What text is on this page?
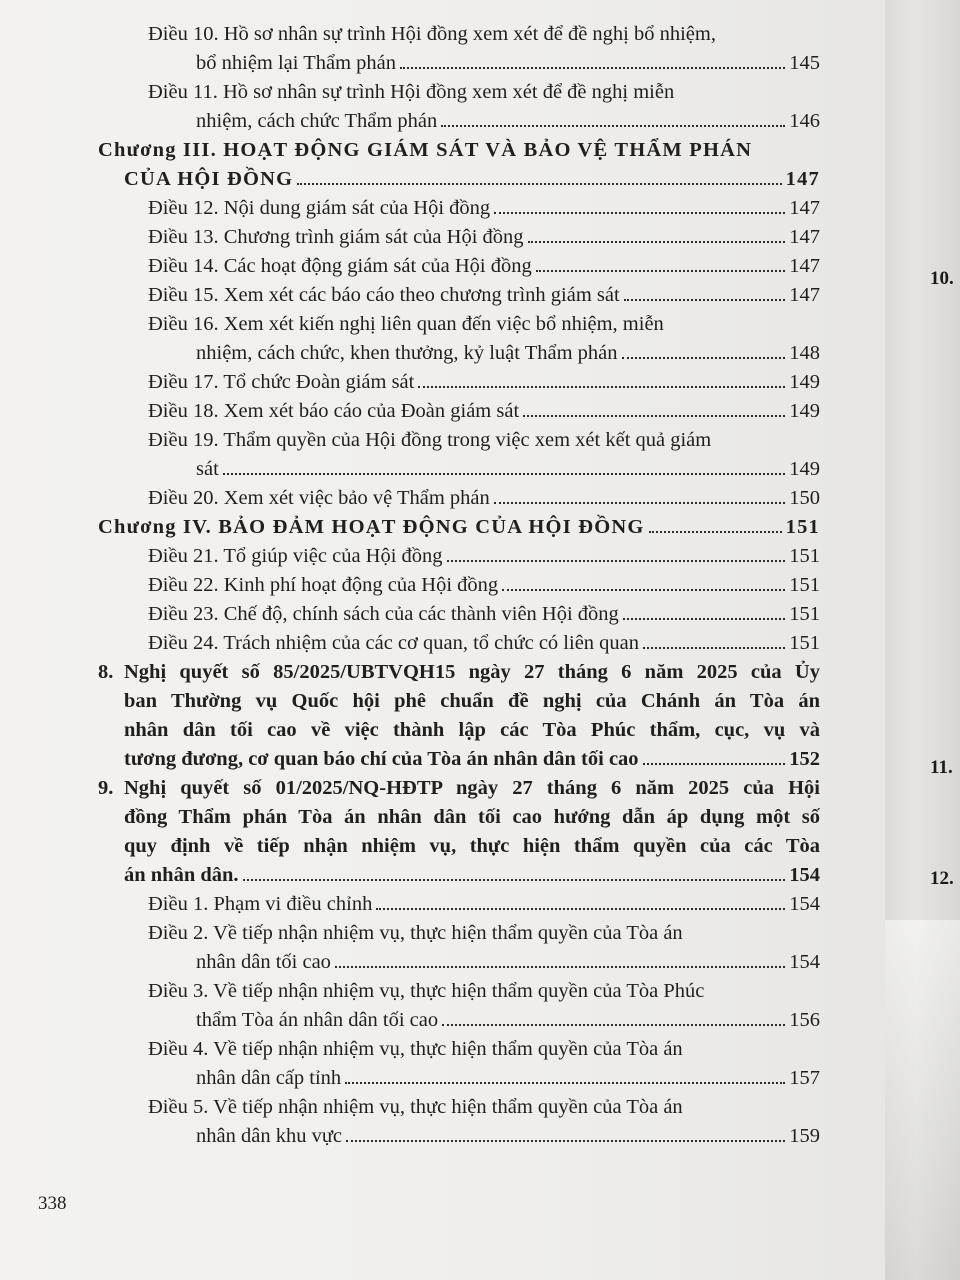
Điều 10. Hồ sơ nhân sự trình Hội đồng xem xét để đề nghị bổ nhiệm,
bổ nhiệm lại Thẩm phán	145
Điều 11. Hồ sơ nhân sự trình Hội đồng xem xét để đề nghị miễn
nhiệm, cách chức Thẩm phán	146
Chương III. HOẠT ĐỘNG GIÁM SÁT VÀ BẢO VỆ THẨM PHÁN
CỦA HỘI ĐỒNG	147
Điều 12. Nội dung giám sát của Hội đồng	147
Điều 13. Chương trình giám sát của Hội đồng	147
Điều 14. Các hoạt động giám sát của Hội đồng	147
Điều 15. Xem xét các báo cáo theo chương trình giám sát	147
Điều 16. Xem xét kiến nghị liên quan đến việc bổ nhiệm, miễn
nhiệm, cách chức, khen thưởng, kỷ luật Thẩm phán	148
Điều 17. Tổ chức Đoàn giám sát	149
Điều 18. Xem xét báo cáo của Đoàn giám sát	149
Điều 19. Thẩm quyền của Hội đồng trong việc xem xét kết quả giám
sát	149
Điều 20. Xem xét việc bảo vệ Thẩm phán	150
Chương IV. BẢO ĐẢM HOẠT ĐỘNG CỦA HỘI ĐỒNG	151
Điều 21. Tổ giúp việc của Hội đồng	151
Điều 22. Kinh phí hoạt động của Hội đồng	151
Điều 23. Chế độ, chính sách của các thành viên Hội đồng	151
Điều 24. Trách nhiệm của các cơ quan, tổ chức có liên quan	151
8. Nghị quyết số 85/2025/UBTVQH15 ngày 27 tháng 6 năm 2025 của Ủy
ban Thường vụ Quốc hội phê chuẩn đề nghị của Chánh án Tòa án
nhân dân tối cao về việc thành lập các Tòa Phúc thẩm, cục, vụ và
tương đương, cơ quan báo chí của Tòa án nhân dân tối cao	152
9. Nghị quyết số 01/2025/NQ-HĐTP ngày 27 tháng 6 năm 2025 của Hội
đồng Thẩm phán Tòa án nhân dân tối cao hướng dẫn áp dụng một số
quy định về tiếp nhận nhiệm vụ, thực hiện thẩm quyền của các Tòa
án nhân dân.	154
Điều 1. Phạm vi điều chỉnh	154
Điều 2. Về tiếp nhận nhiệm vụ, thực hiện thẩm quyền của Tòa án
nhân dân tối cao	154
Điều 3. Về tiếp nhận nhiệm vụ, thực hiện thẩm quyền của Tòa Phúc
thẩm Tòa án nhân dân tối cao	156
Điều 4. Về tiếp nhận nhiệm vụ, thực hiện thẩm quyền của Tòa án
nhân dân cấp tỉnh	157
Điều 5. Về tiếp nhận nhiệm vụ, thực hiện thẩm quyền của Tòa án
nhân dân khu vực	159
338
10.
11.
12.
